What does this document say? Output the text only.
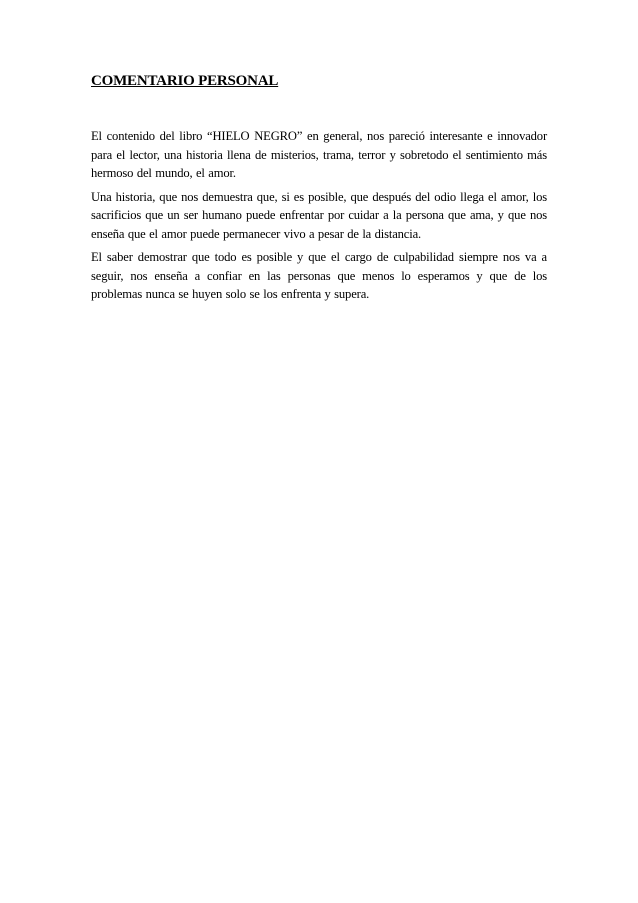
COMENTARIO PERSONAL

El contenido del libro “HIELO NEGRO” en general, nos pareció interesante e innovador para el lector, una historia llena de misterios, trama, terror y sobretodo el sentimiento más hermoso del mundo, el amor.

Una historia, que nos demuestra que, si es posible, que después del odio llega el amor, los sacrificios que un ser humano puede enfrentar por cuidar a la persona que ama, y que nos enseña que el amor puede permanecer vivo a pesar de la distancia.

El saber demostrar que todo es posible y que el cargo de culpabilidad siempre nos va a seguir, nos enseña a confiar en las personas que menos lo esperamos y que de los problemas nunca se huyen solo se los enfrenta y supera.
